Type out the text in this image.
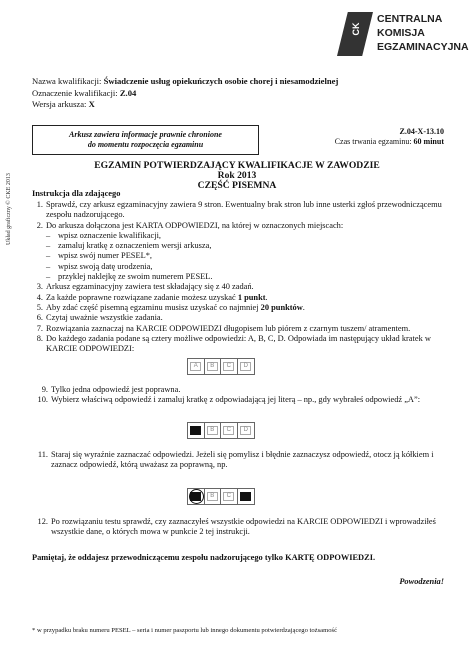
CK
CENTRALNA
KOMISJA
EGZAMINACYJNA
Nazwa kwalifikacji: Świadczenie usług opiekuńczych osobie chorej i niesamodzielnej
Oznaczenie kwalifikacji: Z.04
Wersja arkusza: X
Układ graficzny © CKE 2013
Arkusz zawiera informacje prawnie chronione
do momentu rozpoczęcia egzaminu
Z.04-X-13.10
Czas trwania egzaminu: 60 minut
EGZAMIN POTWIERDZAJĄCY KWALIFIKACJE W ZAWODZIE
Rok 2013
CZĘŚĆ PISEMNA
Instrukcja dla zdającego
1. Sprawdź, czy arkusz egzaminacyjny zawiera 9 stron. Ewentualny brak stron lub inne usterki zgłoś przewodniczącemu zespołu nadzorującego.
2. Do arkusza dołączona jest KARTA ODPOWIEDZI, na której w oznaczonych miejscach:
– wpisz oznaczenie kwalifikacji,
– zamaluj kratkę z oznaczeniem wersji arkusza,
– wpisz swój numer PESEL*,
– wpisz swoją datę urodzenia,
– przyklej naklejkę ze swoim numerem PESEL.
3. Arkusz egzaminacyjny zawiera test składający się z 40 zadań.
4. Za każde poprawne rozwiązane zadanie możesz uzyskać 1 punkt.
5. Aby zdać część pisemną egzaminu musisz uzyskać co najmniej 20 punktów.
6. Czytaj uważnie wszystkie zadania.
7. Rozwiązania zaznaczaj na KARCIE ODPOWIEDZI długopisem lub piórem z czarnym tuszem/ atramentem.
8. Do każdego zadania podane są cztery możliwe odpowiedzi: A, B, C, D. Odpowiada im następujący układ kratek w KARCIE ODPOWIEDZI:
A	B	C	D
9. Tylko jedna odpowiedź jest poprawna.
10. Wybierz właściwą odpowiedź i zamaluj kratkę z odpowiadającą jej literą – np., gdy wybrałeś odpowiedź „A”:
B	C	D
11. Staraj się wyraźnie zaznaczać odpowiedzi. Jeżeli się pomylisz i błędnie zaznaczysz odpowiedź, otocz ją kółkiem i zaznacz odpowiedź, którą uważasz za poprawną, np.
B	C
12. Po rozwiązaniu testu sprawdź, czy zaznaczyłeś wszystkie odpowiedzi na KARCIE ODPOWIEDZI i wprowadziłeś wszystkie dane, o których mowa w punkcie 2 tej instrukcji.
Pamiętaj, że oddajesz przewodniczącemu zespołu nadzorującego tylko KARTĘ ODPOWIEDZI.
Powodzenia!
* w przypadku braku numeru PESEL – seria i numer paszportu lub innego dokumentu potwierdzającego tożsamość
